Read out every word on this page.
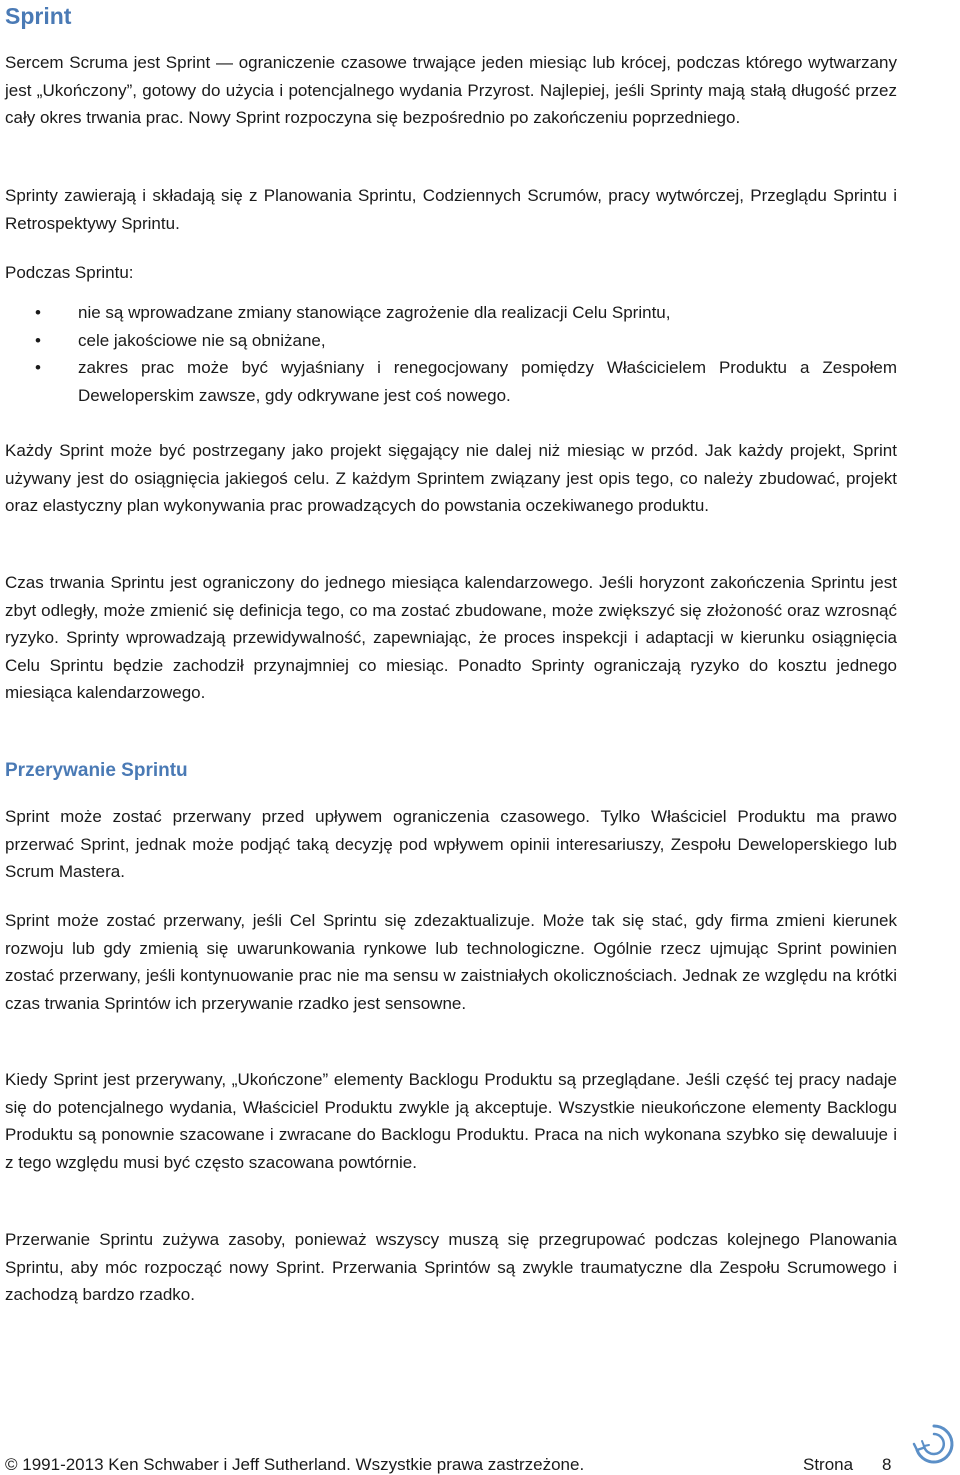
Sprint

Sercem Scruma jest Sprint — ograniczenie czasowe trwające jeden miesiąc lub krócej, podczas którego wytwarzany jest „Ukończony”, gotowy do użycia i potencjalnego wydania Przyrost. Najlepiej, jeśli Sprinty mają stałą długość przez cały okres trwania prac. Nowy Sprint rozpoczyna się bezpośrednio po zakończeniu poprzedniego.

Sprinty zawierają i składają się z Planowania Sprintu, Codziennych Scrumów, pracy wytwórczej, Przeglądu Sprintu i Retrospektywy Sprintu.

Podczas Sprintu:

• nie są wprowadzane zmiany stanowiące zagrożenie dla realizacji Celu Sprintu,
• cele jakościowe nie są obniżane,
• zakres prac może być wyjaśniany i renegocjowany pomiędzy Właścicielem Produktu a Zespołem Deweloperskim zawsze, gdy odkrywane jest coś nowego.

Każdy Sprint może być postrzegany jako projekt sięgający nie dalej niż miesiąc w przód. Jak każdy projekt, Sprint używany jest do osiągnięcia jakiegoś celu. Z każdym Sprintem związany jest opis tego, co należy zbudować, projekt oraz elastyczny plan wykonywania prac prowadzących do powstania oczekiwanego produktu.

Czas trwania Sprintu jest ograniczony do jednego miesiąca kalendarzowego. Jeśli horyzont zakończenia Sprintu jest zbyt odległy, może zmienić się definicja tego, co ma zostać zbudowane, może zwiększyć się złożoność oraz wzrosnąć ryzyko. Sprinty wprowadzają przewidywalność, zapewniając, że proces inspekcji i adaptacji w kierunku osiągnięcia Celu Sprintu będzie zachodził przynajmniej co miesiąc. Ponadto Sprinty ograniczają ryzyko do kosztu jednego miesiąca kalendarzowego.

Przerywanie Sprintu

Sprint może zostać przerwany przed upływem ograniczenia czasowego. Tylko Właściciel Produktu ma prawo przerwać Sprint, jednak może podjąć taką decyzję pod wpływem opinii interesariuszy, Zespołu Deweloperskiego lub Scrum Mastera.

Sprint może zostać przerwany, jeśli Cel Sprintu się zdezaktualizuje. Może tak się stać, gdy firma zmieni kierunek rozwoju lub gdy zmienią się uwarunkowania rynkowe lub technologiczne. Ogólnie rzecz ujmując Sprint powinien zostać przerwany, jeśli kontynuowanie prac nie ma sensu w zaistniałych okolicznościach. Jednak ze względu na krótki czas trwania Sprintów ich przerywanie rzadko jest sensowne.

Kiedy Sprint jest przerywany, „Ukończone” elementy Backlogu Produktu są przeglądane. Jeśli część tej pracy nadaje się do potencjalnego wydania, Właściciel Produktu zwykle ją akceptuje. Wszystkie nieukończone elementy Backlogu Produktu są ponownie szacowane i zwracane do Backlogu Produktu. Praca na nich wykonana szybko się dewaluuje i z tego względu musi być często szacowana powtórnie.

Przerwanie Sprintu zużywa zasoby, ponieważ wszyscy muszą się przegrupować podczas kolejnego Planowania Sprintu, aby móc rozpocząć nowy Sprint. Przerwania Sprintów są zwykle traumatyczne dla Zespołu Scrumowego i zachodzą bardzo rzadko.

© 1991-2013 Ken Schwaber i Jeff Sutherland. Wszystkie prawa zastrzeżone.	Strona 8
